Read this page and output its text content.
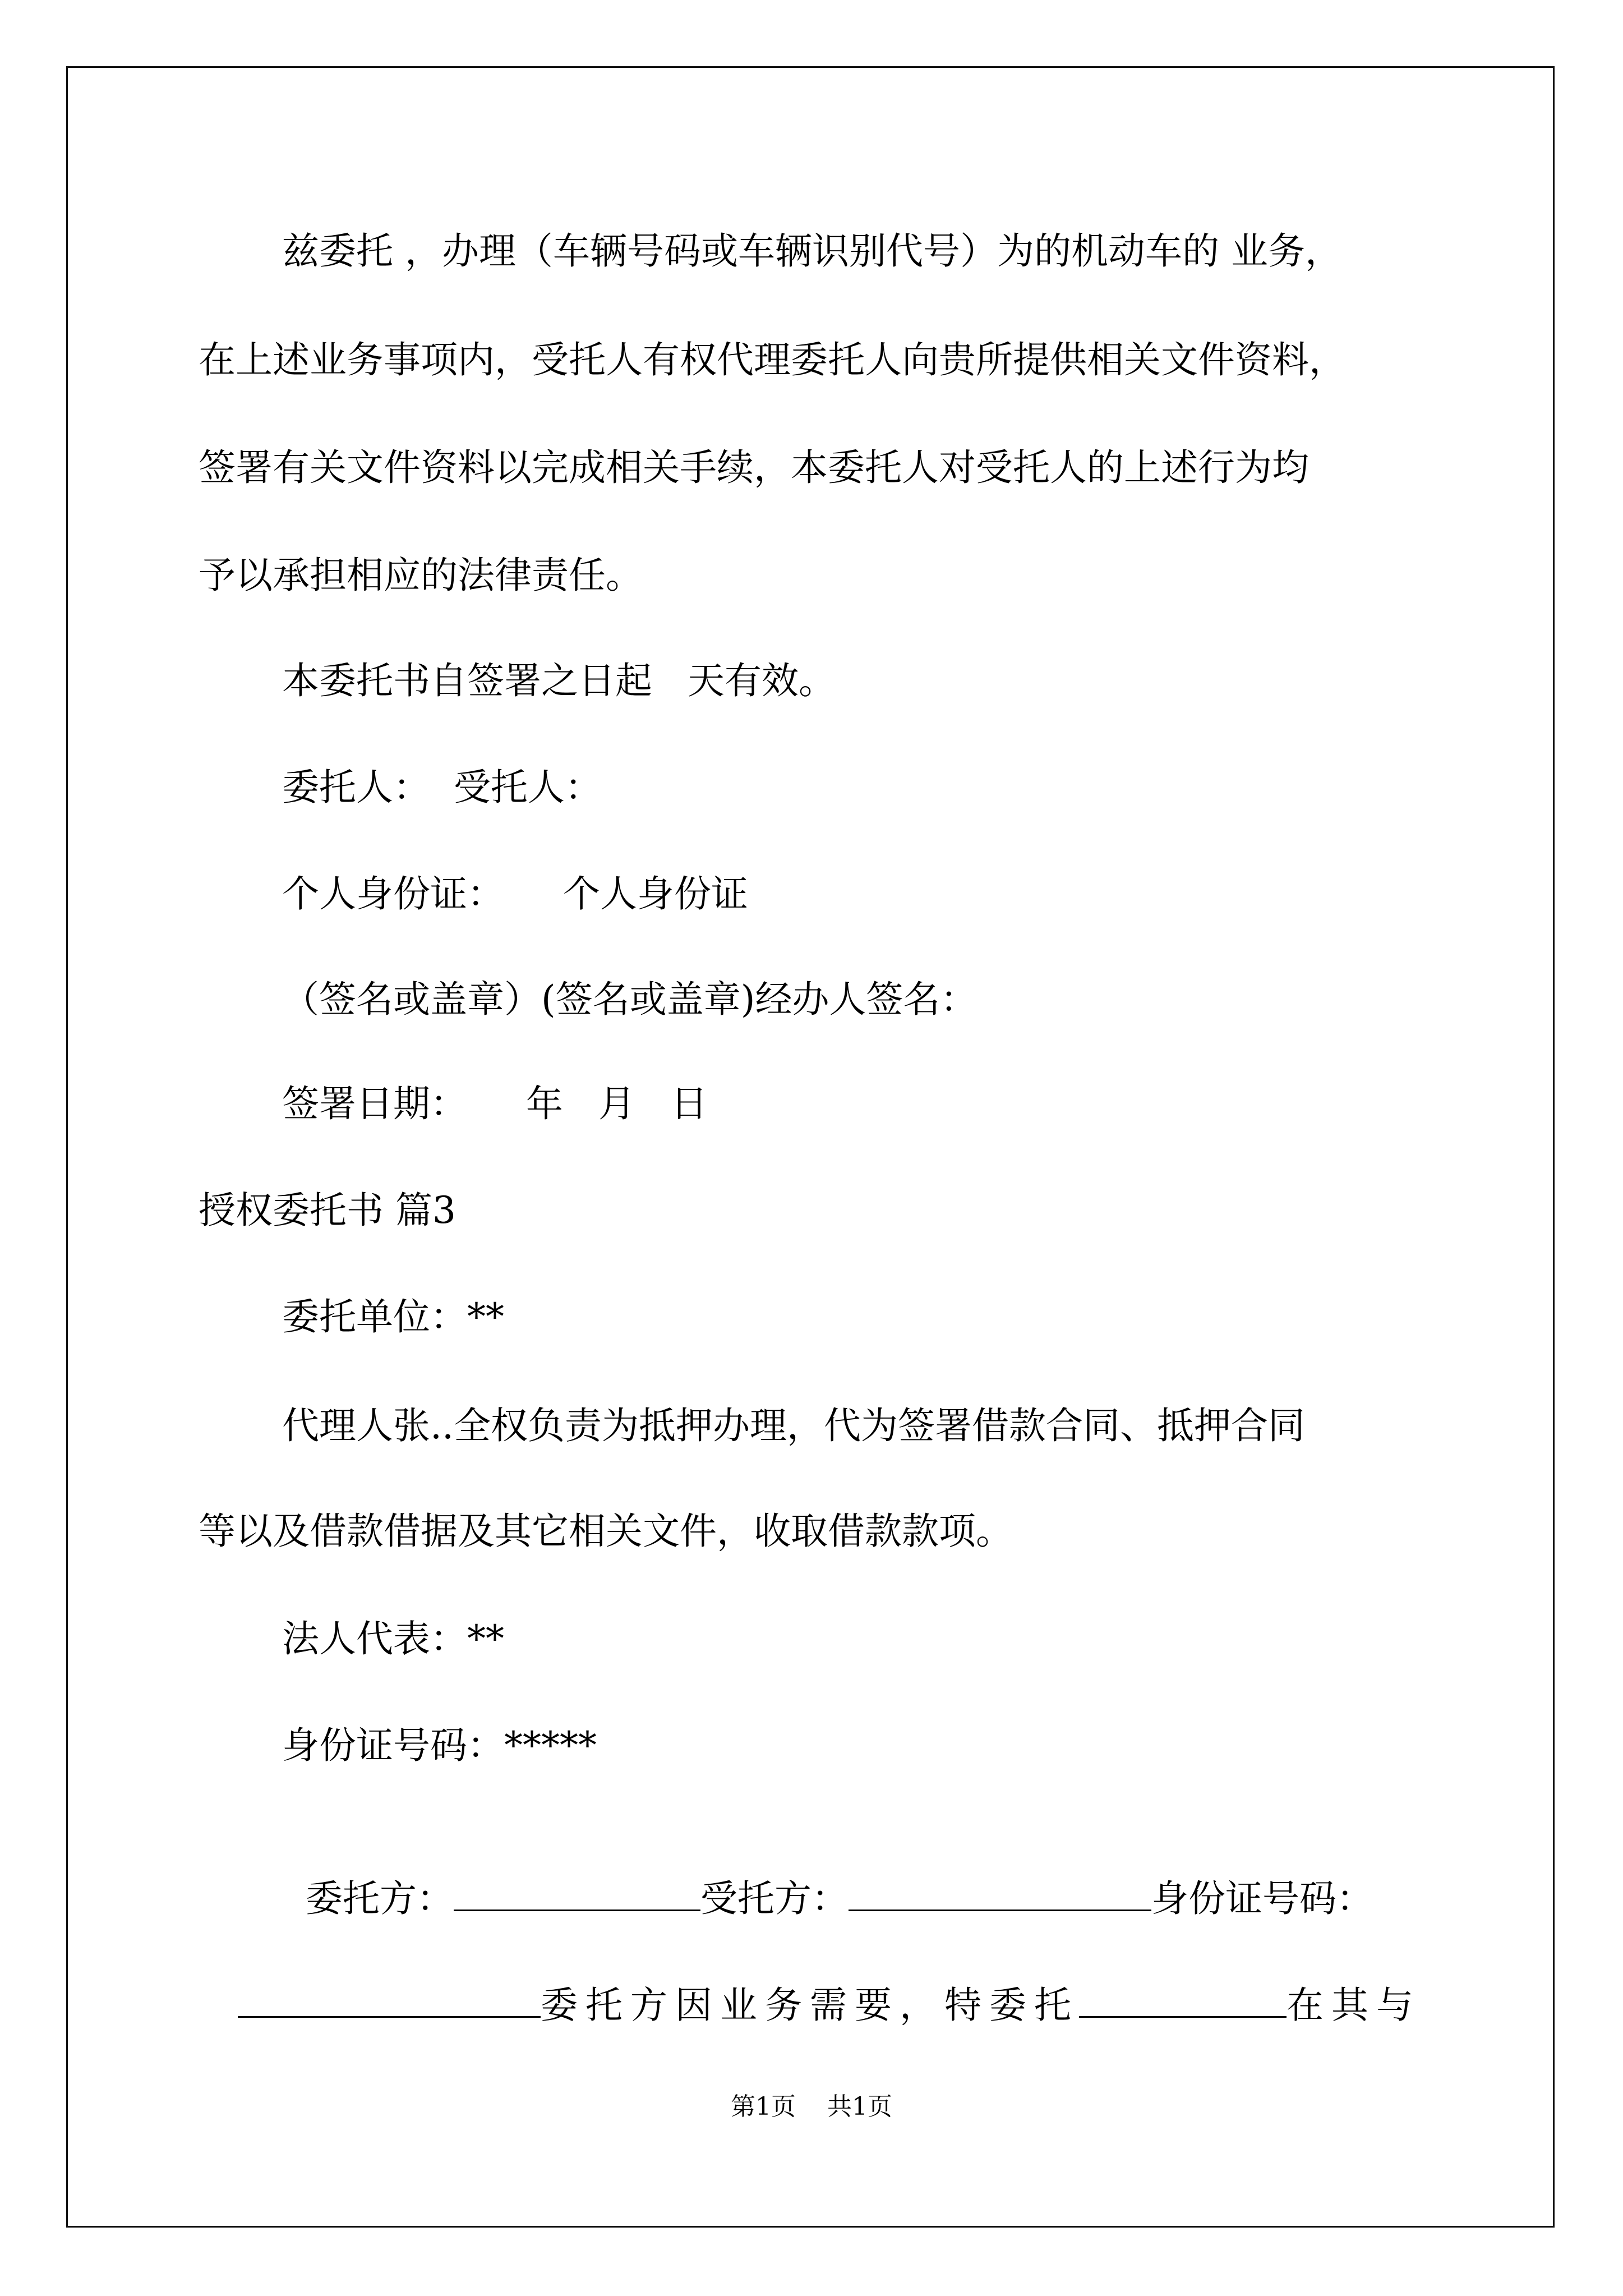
兹委托 ，办理（车辆号码或车辆识别代号）为的机动车的 业务，
在上述业务事项内，受托人有权代理委托人向贵所提供相关文件资料，
签署有关文件资料以完成相关手续，本委托人对受托人的上述行为均
予以承担相应的法律责任。
本委托书自签署之日起   天有效。
委托人：  受托人：
个人身份证：     个人身份证
（签名或盖章）(签名或盖章)经办人签名：
签署日期：     年   月   日
授权委托书 篇3
委托单位：**
代理人张..全权负责为抵押办理，代为签署借款合同、抵押合同
等以及借款借据及其它相关文件，收取借款款项。
法人代表：**
身份证号码：*****

委托方：	受托方：	身份证号码：

委托方因业务需要，特委托	在其与

第1页    共1页
